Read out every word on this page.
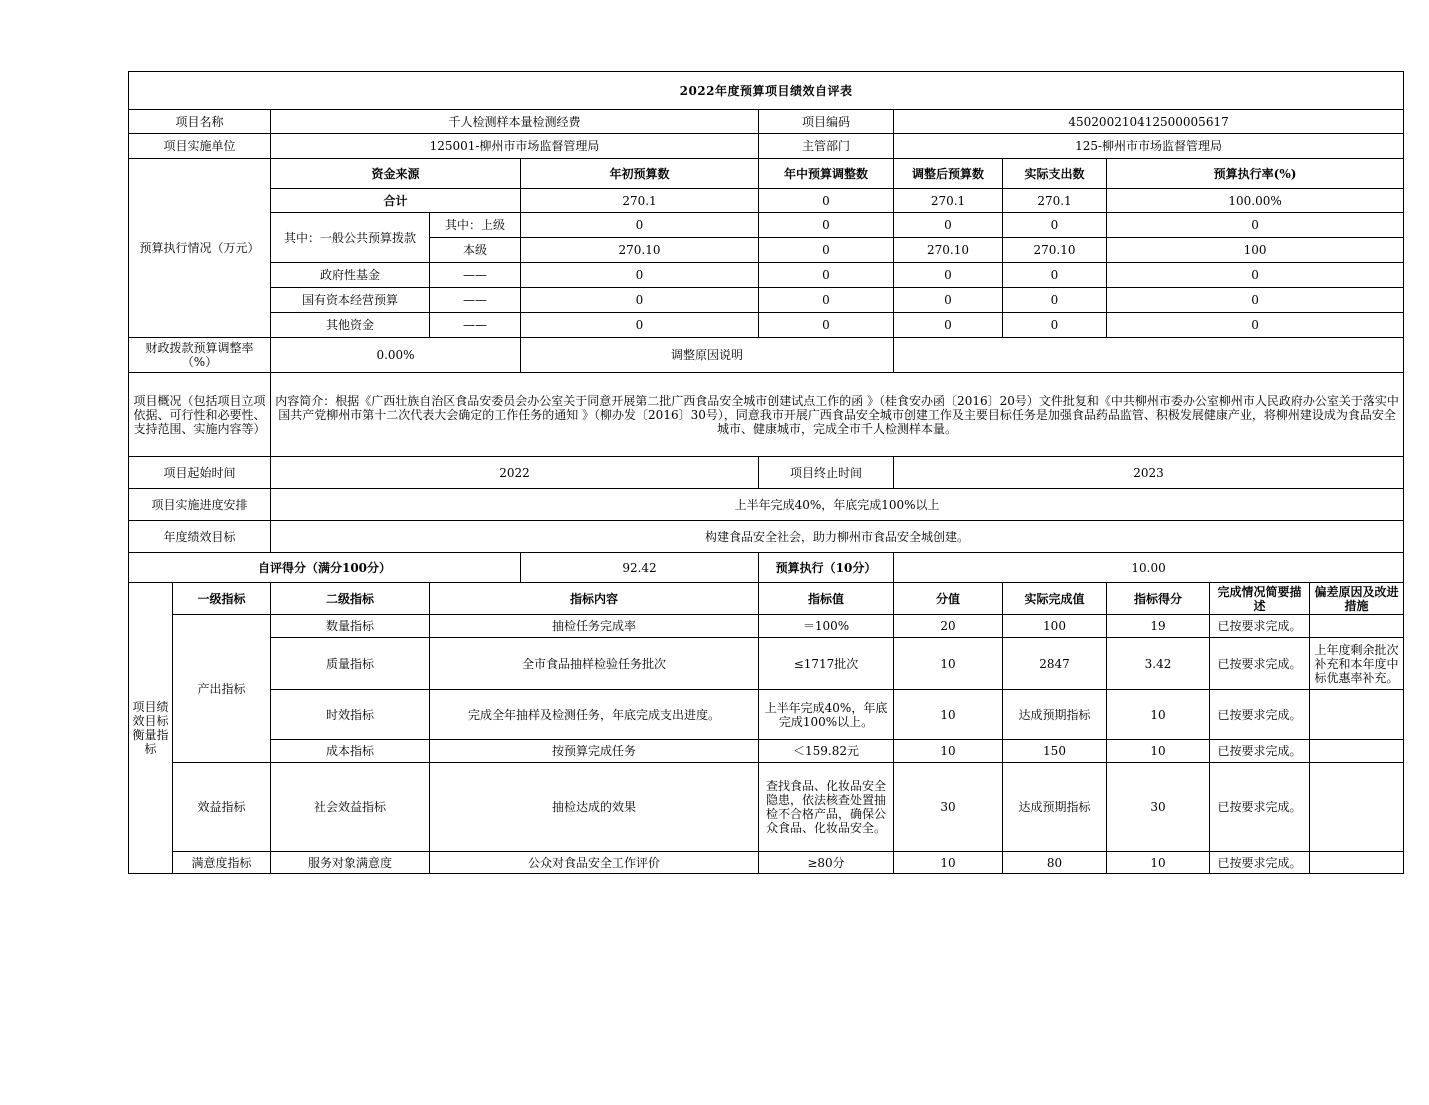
2022年度预算项目绩效自评表										
项目名称		千人检测样本量检测经费			项目编码	450200210412500005617				
项目实施单位		125001-柳州市市场监督管理局			主管部门	125-柳州市市场监督管理局				
预算执行情况（万元）		资金来源		年初预算数	年中预算调整数	调整后预算数	实际支出数	预算执行率(%)		
		合计		270.1	0	270.1	270.1	100.00%		
		其中：一般公共预算拨款	其中：上级	0	0	0	0	0		
			本级	270.10	0	270.10	270.10	100		
		政府性基金	——	0	0	0	0	0		
		国有资本经营预算	——	0	0	0	0	0		
		其他资金	——	0	0	0	0	0		
财政拨款预算调整率（%）		0.00%		调整原因说明						
项目概况（包括项目立项依据、可行性和必要性、支持范围、实施内容等）		内容简介：根据《广西壮族自治区食品安委员会办公室关于同意开展第二批广西食品安全城市创建试点工作的函 》（桂食安办函〔2016〕20号）文件批复和《中共柳州市委办公室柳州市人民政府办公室关于落实中国共产党柳州市第十二次代表大会确定的工作任务的通知 》（柳办发〔2016〕30号），同意我市开展广西食品安全城市创建工作及主要目标任务是加强食品药品监管、积极发展健康产业，将柳州建设成为食品安全城市、健康城市，完成全市千人检测样本量。								
项目起始时间		2022			项目终止时间	2023				
项目实施进度安排		上半年完成40%，年底完成100%以上								
年度绩效目标		构建食品安全社会，助力柳州市食品安全城创建。								
自评得分（满分100分）				92.42	预算执行（10分）	10.00				
项目绩效目标衡量指标	一级指标	二级指标	指标内容		指标值	分值	实际完成值	指标得分	完成情况简要描述	偏差原因及改进措施
	产出指标	数量指标	抽检任务完成率		＝100%	20	100	19	已按要求完成。	
		质量指标	全市食品抽样检验任务批次		≤1717批次	10	2847	3.42	已按要求完成。	上年度剩余批次补充和本年度中标优惠率补充。
		时效指标	完成全年抽样及检测任务，年底完成支出进度。		上半年完成40%，年底完成100%以上。	10	达成预期指标	10	已按要求完成。	
		成本指标	按预算完成任务		＜159.82元	10	150	10	已按要求完成。	
	效益指标	社会效益指标	抽检达成的效果		查找食品、化妆品安全隐患，依法核查处置抽检不合格产品，确保公众食品、化妆品安全。	30	达成预期指标	30	已按要求完成。	
	满意度指标	服务对象满意度	公众对食品安全工作评价		≥80分	10	80	10	已按要求完成。	
